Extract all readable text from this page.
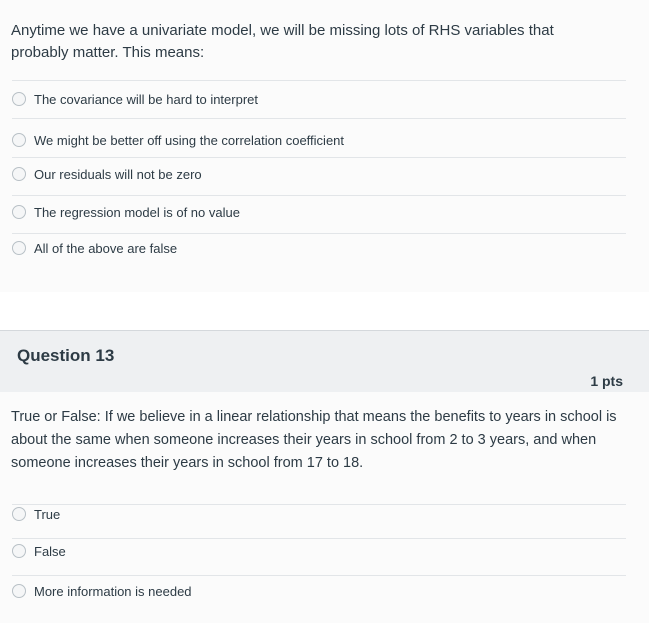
Anytime we have a univariate model, we will be missing lots of RHS variables that probably matter. This means:
The covariance will be hard to interpret
We might be better off using the correlation coefficient
Our residuals will not be zero
The regression model is of no value
All of the above are false
Question 13
1 pts
True or False: If we believe in a linear relationship that means the benefits to years in school is about the same when someone increases their years in school from 2 to 3 years, and when someone increases their years in school from 17 to 18.
True
False
More information is needed
